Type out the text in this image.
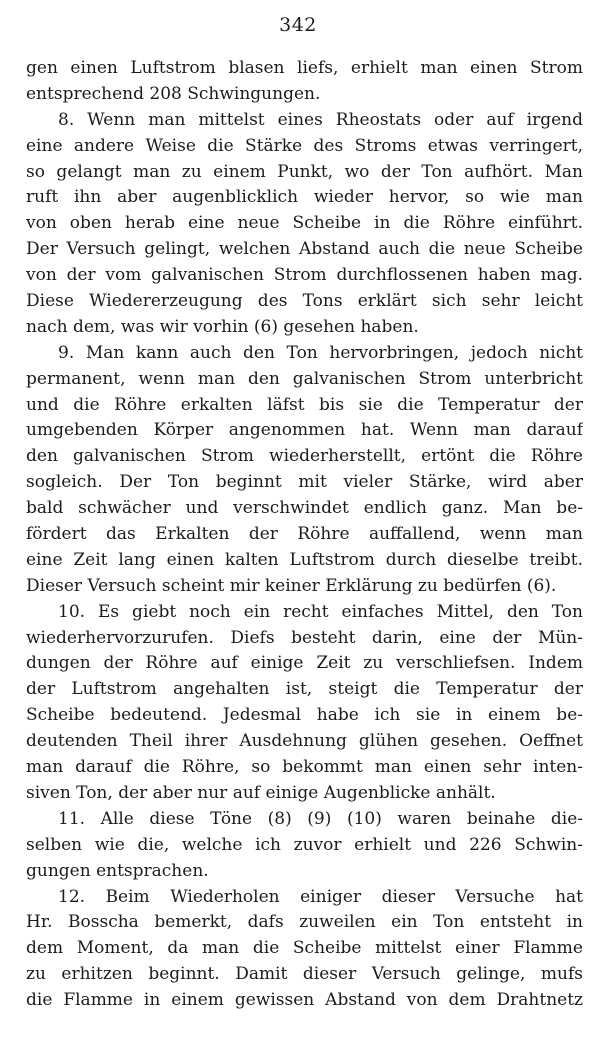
342
gen einen Luftstrom blasen liefs, erhielt man einen Strom
entsprechend 208 Schwingungen.
8. Wenn man mittelst eines Rheostats oder auf irgend
eine andere Weise die Stärke des Stroms etwas verringert,
so gelangt man zu einem Punkt, wo der Ton aufhört. Man
ruft ihn aber augenblicklich wieder hervor, so wie man
von oben herab eine neue Scheibe in die Röhre einführt.
Der Versuch gelingt, welchen Abstand auch die neue Scheibe
von der vom galvanischen Strom durchflossenen haben mag.
Diese Wiedererzeugung des Tons erklärt sich sehr leicht
nach dem, was wir vorhin (6) gesehen haben.
9. Man kann auch den Ton hervorbringen, jedoch nicht
permanent, wenn man den galvanischen Strom unterbricht
und die Röhre erkalten läfst bis sie die Temperatur der
umgebenden Körper angenommen hat. Wenn man darauf
den galvanischen Strom wiederherstellt, ertönt die Röhre
sogleich. Der Ton beginnt mit vieler Stärke, wird aber
bald schwächer und verschwindet endlich ganz. Man be-
fördert das Erkalten der Röhre auffallend, wenn man
eine Zeit lang einen kalten Luftstrom durch dieselbe treibt.
Dieser Versuch scheint mir keiner Erklärung zu bedürfen (6).
10. Es giebt noch ein recht einfaches Mittel, den Ton
wiederhervorzurufen. Diefs besteht darin, eine der Mün-
dungen der Röhre auf einige Zeit zu verschliefsen. Indem
der Luftstrom angehalten ist, steigt die Temperatur der
Scheibe bedeutend. Jedesmal habe ich sie in einem be-
deutenden Theil ihrer Ausdehnung glühen gesehen. Oeffnet
man darauf die Röhre, so bekommt man einen sehr inten-
siven Ton, der aber nur auf einige Augenblicke anhält.
11. Alle diese Töne (8) (9) (10) waren beinahe die-
selben wie die, welche ich zuvor erhielt und 226 Schwin-
gungen entsprachen.
12. Beim Wiederholen einiger dieser Versuche hat
Hr. Bosscha bemerkt, dafs zuweilen ein Ton entsteht in
dem Moment, da man die Scheibe mittelst einer Flamme
zu erhitzen beginnt. Damit dieser Versuch gelinge, mufs
die Flamme in einem gewissen Abstand von dem Drahtnetz
